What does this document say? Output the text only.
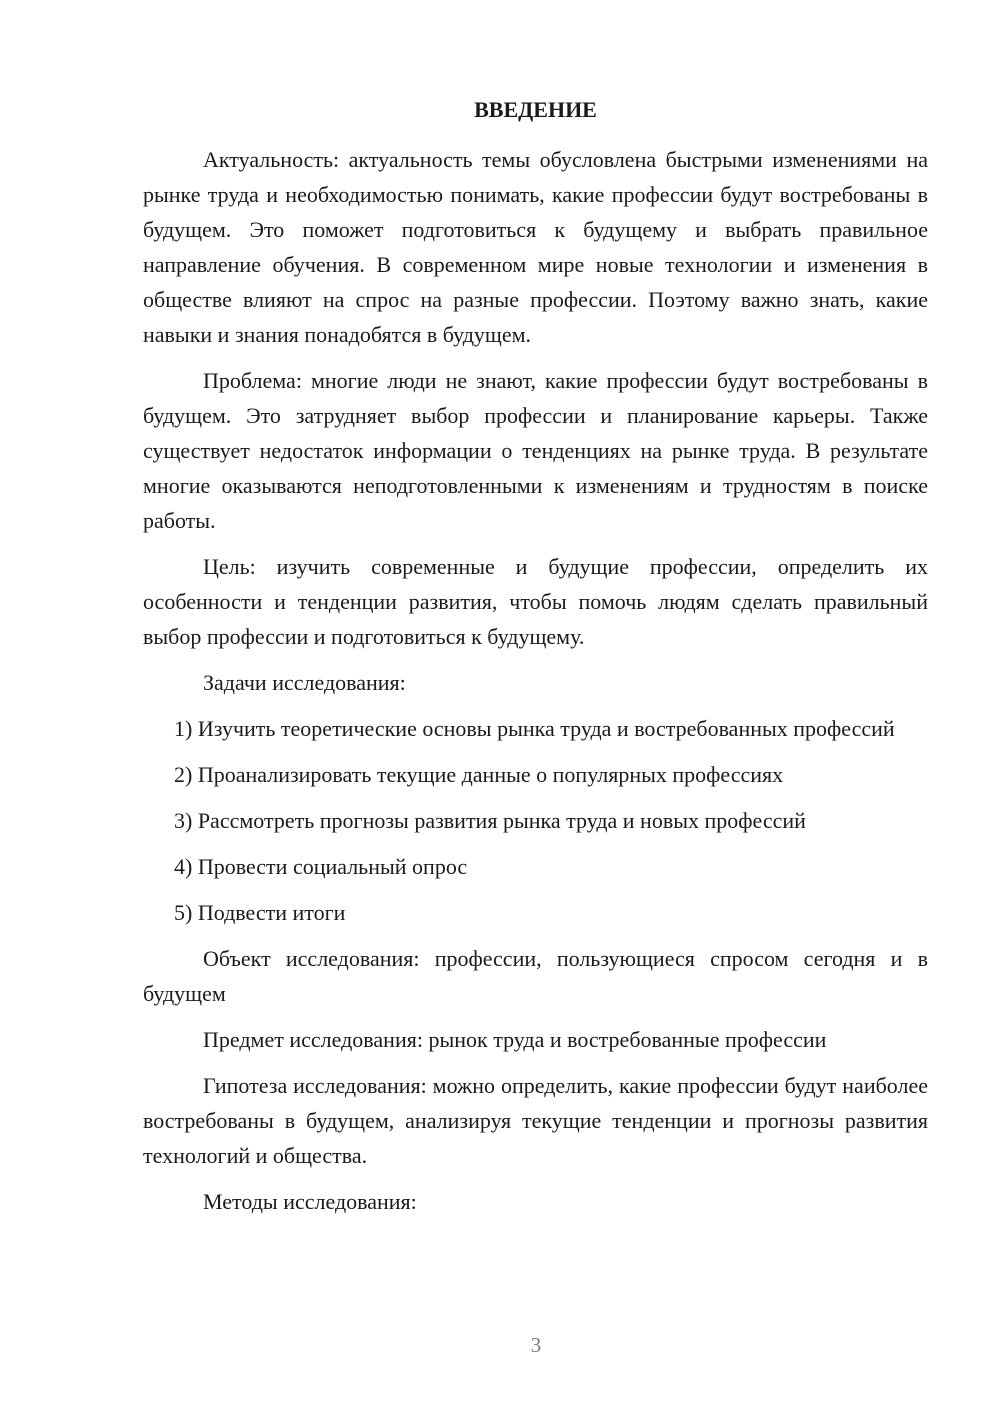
ВВЕДЕНИЕ
Актуальность: актуальность темы обусловлена быстрыми изменениями на рынке труда и необходимостью понимать, какие профессии будут востребованы в будущем. Это поможет подготовиться к будущему и выбрать правильное направление обучения. В современном мире новые технологии и изменения в обществе влияют на спрос на разные профессии. Поэтому важно знать, какие навыки и знания понадобятся в будущем.
Проблема: многие люди не знают, какие профессии будут востребованы в будущем. Это затрудняет выбор профессии и планирование карьеры. Также существует недостаток информации о тенденциях на рынке труда. В результате многие оказываются неподготовленными к изменениям и трудностям в поиске работы.
Цель: изучить современные и будущие профессии, определить их особенности и тенденции развития, чтобы помочь людям сделать правильный выбор профессии и подготовиться к будущему.
Задачи исследования:
1) Изучить теоретические основы рынка труда и востребованных профессий
2) Проанализировать текущие данные о популярных профессиях
3) Рассмотреть прогнозы развития рынка труда и новых профессий
4) Провести социальный опрос
5) Подвести итоги
Объект исследования: профессии, пользующиеся спросом сегодня и в будущем
Предмет исследования: рынок труда и востребованные профессии
Гипотеза исследования: можно определить, какие профессии будут наиболее востребованы в будущем, анализируя текущие тенденции и прогнозы развития технологий и общества.
Методы исследования:
3
